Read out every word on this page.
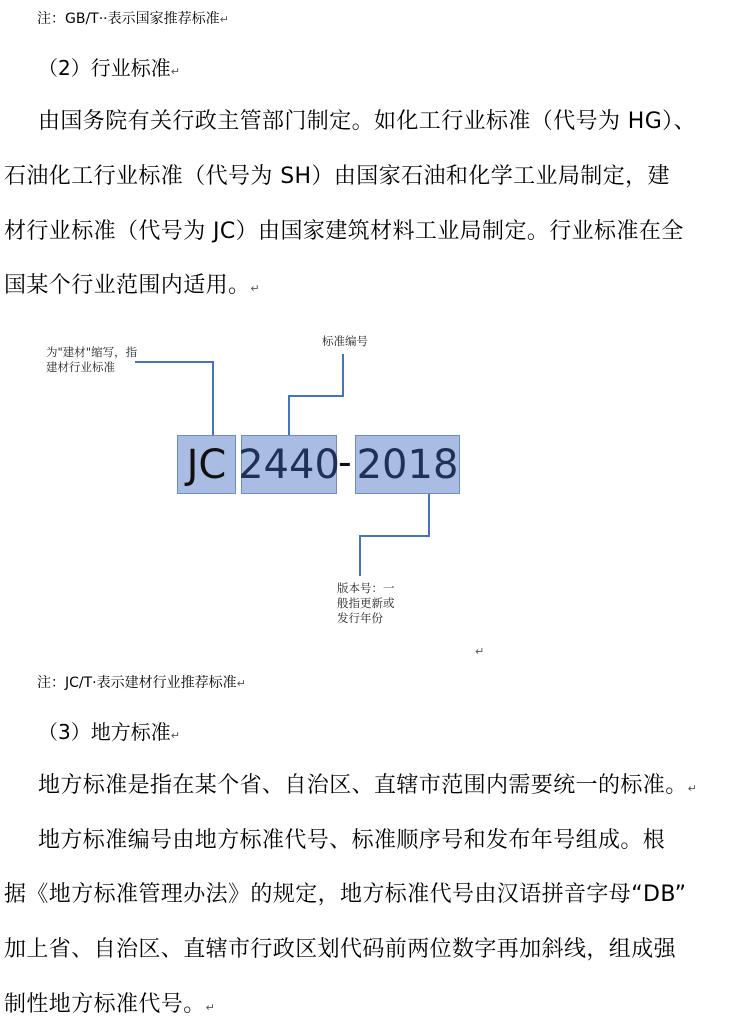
注：GB/T··表示国家推荐标准↵
（2）行业标准↵
由国务院有关行政主管部门制定。如化工行业标准（代号为 HG）、
石油化工行业标准（代号为 SH）由国家石油和化学工业局制定，建
材行业标准（代号为 JC）由国家建筑材料工业局制定。行业标准在全
国某个行业范围内适用。↵
为"建材"缩写，指建材行业标准
标准编号
版本号：一般指更新或发行年份
JC 2440
- 2018
↵
注：JC/T·表示建材行业推荐标准↵
（3）地方标准↵
地方标准是指在某个省、自治区、直辖市范围内需要统一的标准。↵
地方标准编号由地方标准代号、标准顺序号和发布年号组成。根
据《地方标准管理办法》的规定，地方标准代号由汉语拼音字母“DB”
加上省、自治区、直辖市行政区划代码前两位数字再加斜线，组成强
制性地方标准代号。↵
